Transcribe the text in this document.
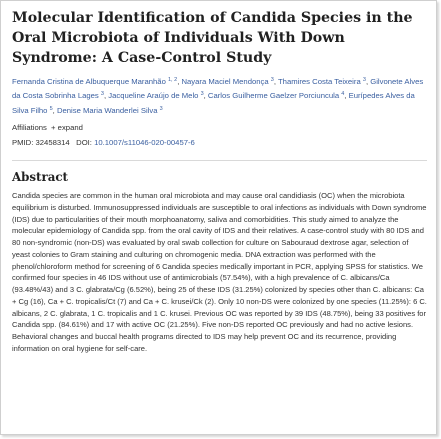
Molecular Identification of Candida Species in the Oral Microbiota of Individuals With Down Syndrome: A Case-Control Study

Fernanda Cristina de Albuquerque Maranhão $^{1, 2}$, Nayara Maciel Mendonça $^3$, Thamires Costa Teixeira $^3$, Gilvonete Alves da Costa Sobrinha Lages $^3$, Jacqueline Araújo de Melo $^3$, Carlos Guilherme Gaelzer Porciuncula $^4$, Eurípedes Alves da Silva Filho $^5$, Denise Maria Wanderlei Silva $^3$

Affiliations + expand
PMID: 32458314 DOI: 10.1007/s11046-020-00457-6
Abstract

Candida species are common in the human oral microbiota and may cause oral candidiasis (OC) when the microbiota equilibrium is disturbed. Immunosuppressed individuals are susceptible to oral infections as individuals with Down syndrome (IDS) due to particularities of their mouth morphoanatomy, saliva and comorbidities. This study aimed to analyze the molecular epidemiology of Candida spp. from the oral cavity of IDS and their relatives. A case-control study with 80 IDS and 80 non-syndromic (non-DS) was evaluated by oral swab collection for culture on Sabouraud dextrose agar, selection of yeast colonies to Gram staining and culturing on chromogenic media. DNA extraction was performed with the phenol/chloroform method for screening of 6 Candida species medically important in PCR, applying SPSS for statistics. We confirmed four species in 46 IDS without use of antimicrobials (57.54%), with a high prevalence of C. albicans/Ca (93.48%/43) and 3 C. glabrata/Cg (6.52%), being 25 of these IDS (31.25%) colonized by species other than C. albicans: Ca + Cg (16), Ca + C. tropicalis/Ct (7) and Ca + C. krusei/Ck (2). Only 10 non-DS were colonized by one species (11.25%): 6 C. albicans, 2 C. glabrata, 1 C. tropicalis and 1 C. krusei. Previous OC was reported by 39 IDS (48.75%), being 33 positives for Candida spp. (84.61%) and 17 with active OC (21.25%). Five non-DS reported OC previously and had no active lesions. Behavioral changes and buccal health programs directed to IDS may help prevent OC and its recurrence, providing information on oral hygiene for self-care.
